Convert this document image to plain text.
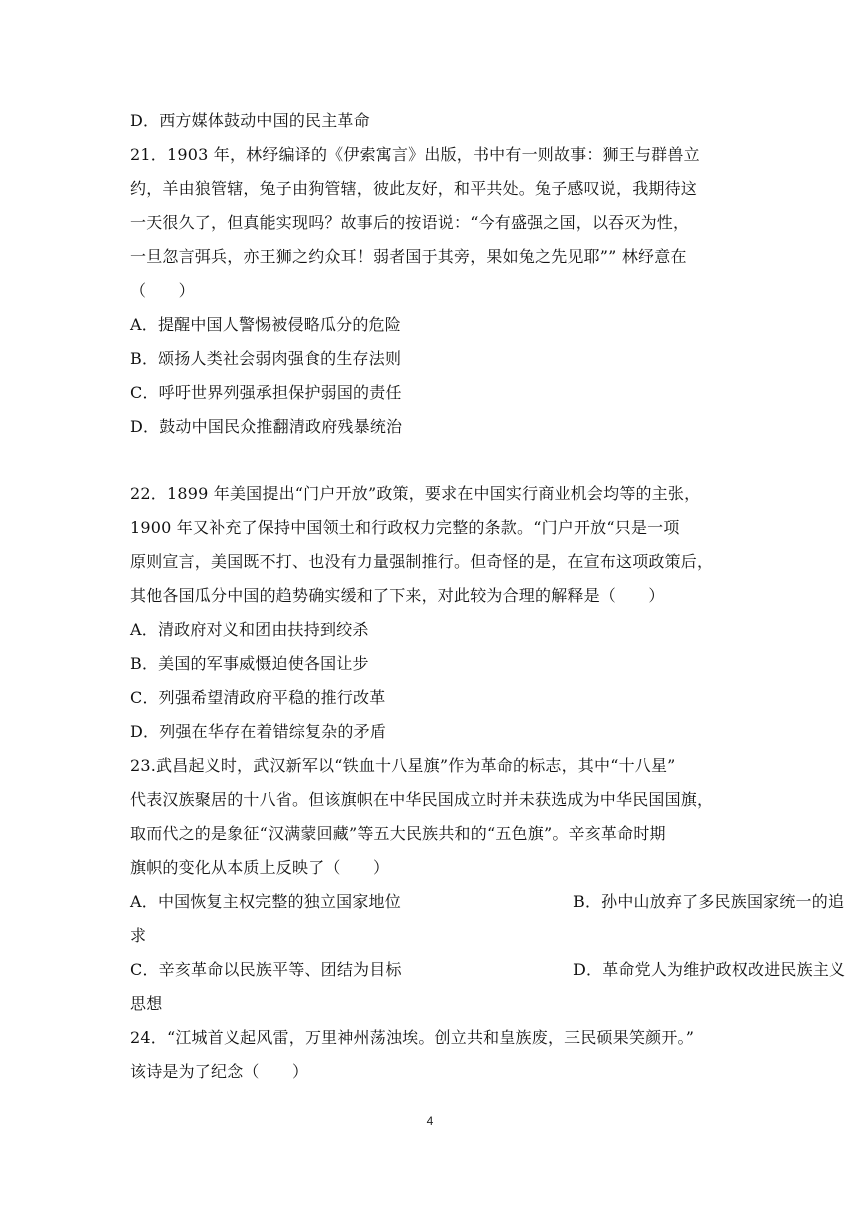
D．西方媒体鼓动中国的民主革命
21．1903 年，林纾编译的《伊索寓言》出版，书中有一则故事：狮王与群兽立
约，羊由狼管辖，兔子由狗管辖，彼此友好，和平共处。兔子感叹说，我期待这
一天很久了，但真能实现吗？故事后的按语说：“今有盛强之国，以吞灭为性，
一旦忽言弭兵，亦王狮之约众耳！弱者国于其旁，果如兔之先见耶”” 林纾意在
（　　）
A．提醒中国人警惕被侵略瓜分的危险
B．颂扬人类社会弱肉强食的生存法则
C．呼吁世界列强承担保护弱国的责任
D．鼓动中国民众推翻清政府残暴统治
22．1899 年美国提出“门户开放”政策，要求在中国实行商业机会均等的主张，
1900 年又补充了保持中国领土和行政权力完整的条款。“门户开放“只是一项
原则宣言，美国既不打、也没有力量强制推行。但奇怪的是，在宣布这项政策后，
其他各国瓜分中国的趋势确实缓和了下来，对此较为合理的解释是（　　）
A．清政府对义和团由扶持到绞杀
B．美国的军事威慑迫使各国让步
C．列强希望清政府平稳的推行改革
D．列强在华存在着错综复杂的矛盾
23.武昌起义时，武汉新军以“铁血十八星旗”作为革命的标志，其中“十八星”
代表汉族聚居的十八省。但该旗帜在中华民国成立时并未获选成为中华民国国旗，
取而代之的是象征“汉满蒙回藏”等五大民族共和的“五色旗”。辛亥革命时期
旗帜的变化从本质上反映了（　　）
A．中国恢复主权完整的独立国家地位	B．孙中山放弃了多民族国家统一的追
求
C．辛亥革命以民族平等、团结为目标	D．革命党人为维护政权改进民族主义
思想
24．“江城首义起风雷，万里神州荡浊埃。创立共和皇族废，三民硕果笑颜开。”
该诗是为了纪念（　　）
4
